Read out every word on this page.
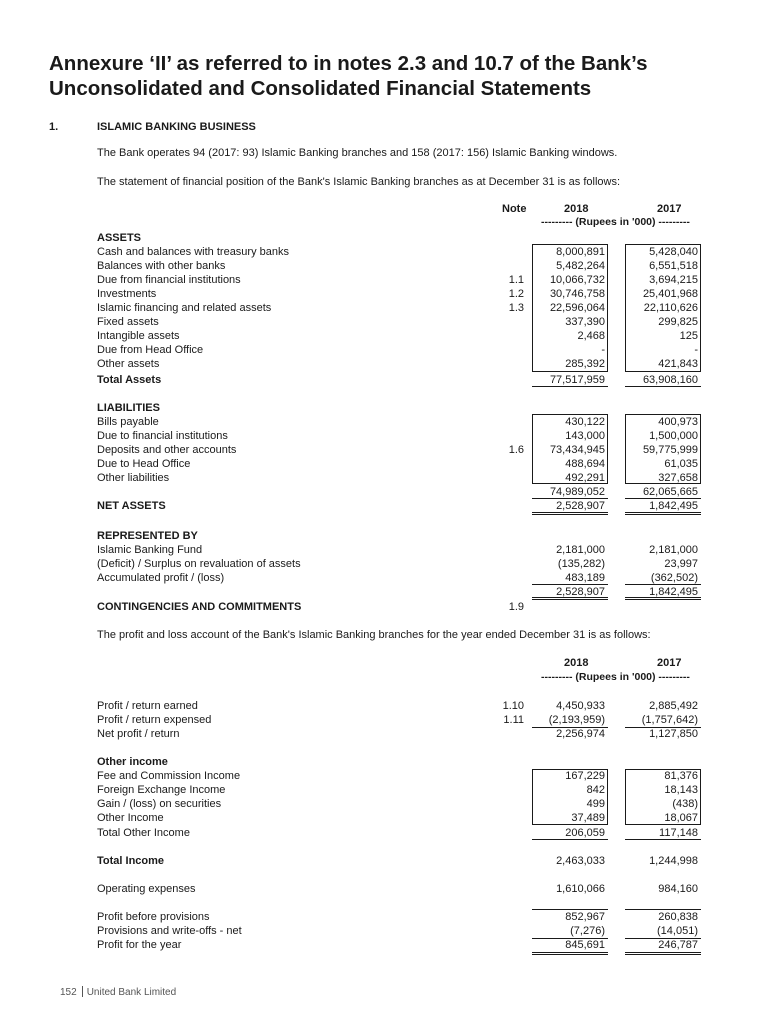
Annexure ‘II’ as referred to in notes 2.3 and 10.7 of the Bank’s Unconsolidated and Consolidated Financial Statements
1.	ISLAMIC BANKING BUSINESS
The Bank operates 94 (2017: 93) Islamic Banking branches and 158 (2017: 156) Islamic Banking windows.
The statement of financial position of the Bank's Islamic Banking branches as at December 31 is as follows:
Note	2018	2017
--------- (Rupees in '000) ---------
ASSETS
Cash and balances with treasury banks	8,000,891	5,428,040
Balances with other banks	5,482,264	6,551,518
Due from financial institutions	1.1	10,066,732	3,694,215
Investments	1.2	30,746,758	25,401,968
Islamic financing and related assets	1.3	22,596,064	22,110,626
Fixed assets	337,390	299,825
Intangible assets	2,468	125
Due from Head Office	-	-
Other assets	285,392	421,843
Total Assets	77,517,959	63,908,160
LIABILITIES
Bills payable	430,122	400,973
Due to financial institutions	143,000	1,500,000
Deposits and other accounts	1.6	73,434,945	59,775,999
Due to Head Office	488,694	61,035
Other liabilities	492,291	327,658
74,989,052	62,065,665
NET ASSETS	2,528,907	1,842,495
REPRESENTED BY
Islamic Banking Fund	2,181,000	2,181,000
(Deficit) / Surplus on revaluation of assets	(135,282)	23,997
Accumulated profit / (loss)	483,189	(362,502)
2,528,907	1,842,495
CONTINGENCIES AND COMMITMENTS	1.9
The profit and loss account of the Bank's Islamic Banking branches for the year ended December 31 is as follows:
2018	2017
--------- (Rupees in '000) ---------
Profit / return earned	1.10	4,450,933	2,885,492
Profit / return expensed	1.11	(2,193,959)	(1,757,642)
Net profit / return	2,256,974	1,127,850
Other income
Fee and Commission Income	167,229	81,376
Foreign Exchange Income	842	18,143
Gain / (loss) on securities	499	(438)
Other Income	37,489	18,067
Total Other Income	206,059	117,148
Total Income	2,463,033	1,244,998
Operating expenses	1,610,066	984,160
Profit before provisions	852,967	260,838
Provisions and write-offs - net	(7,276)	(14,051)
Profit for the year	845,691	246,787
152 United Bank Limited
